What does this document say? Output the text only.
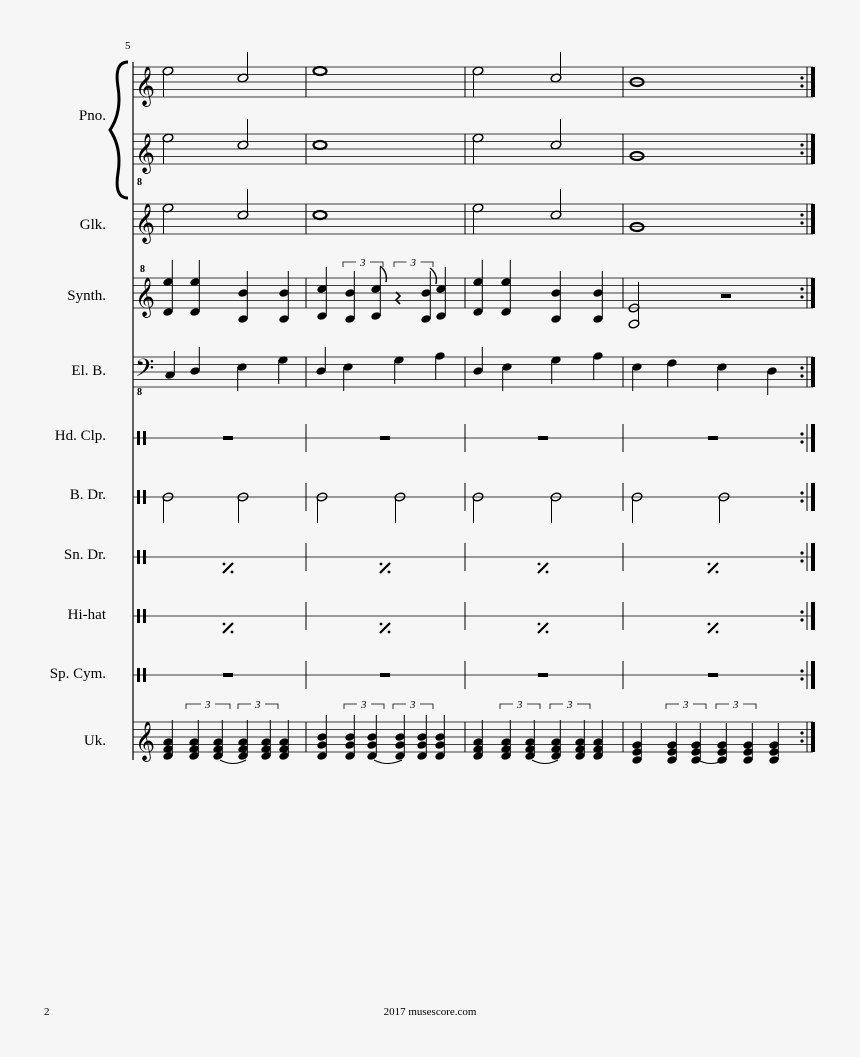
𝄞
𝄞
8
𝄞
𝄞
8
3	3
𝄢
8
𝄞
3	3	3	3	3	3	3	3
5
Pno.
Glk.
Synth.
El. B.
Hd. Clp.
B. Dr.
Sn. Dr.
Hi-hat
Sp. Cym.
Uk.
2	2017 musescore.com
